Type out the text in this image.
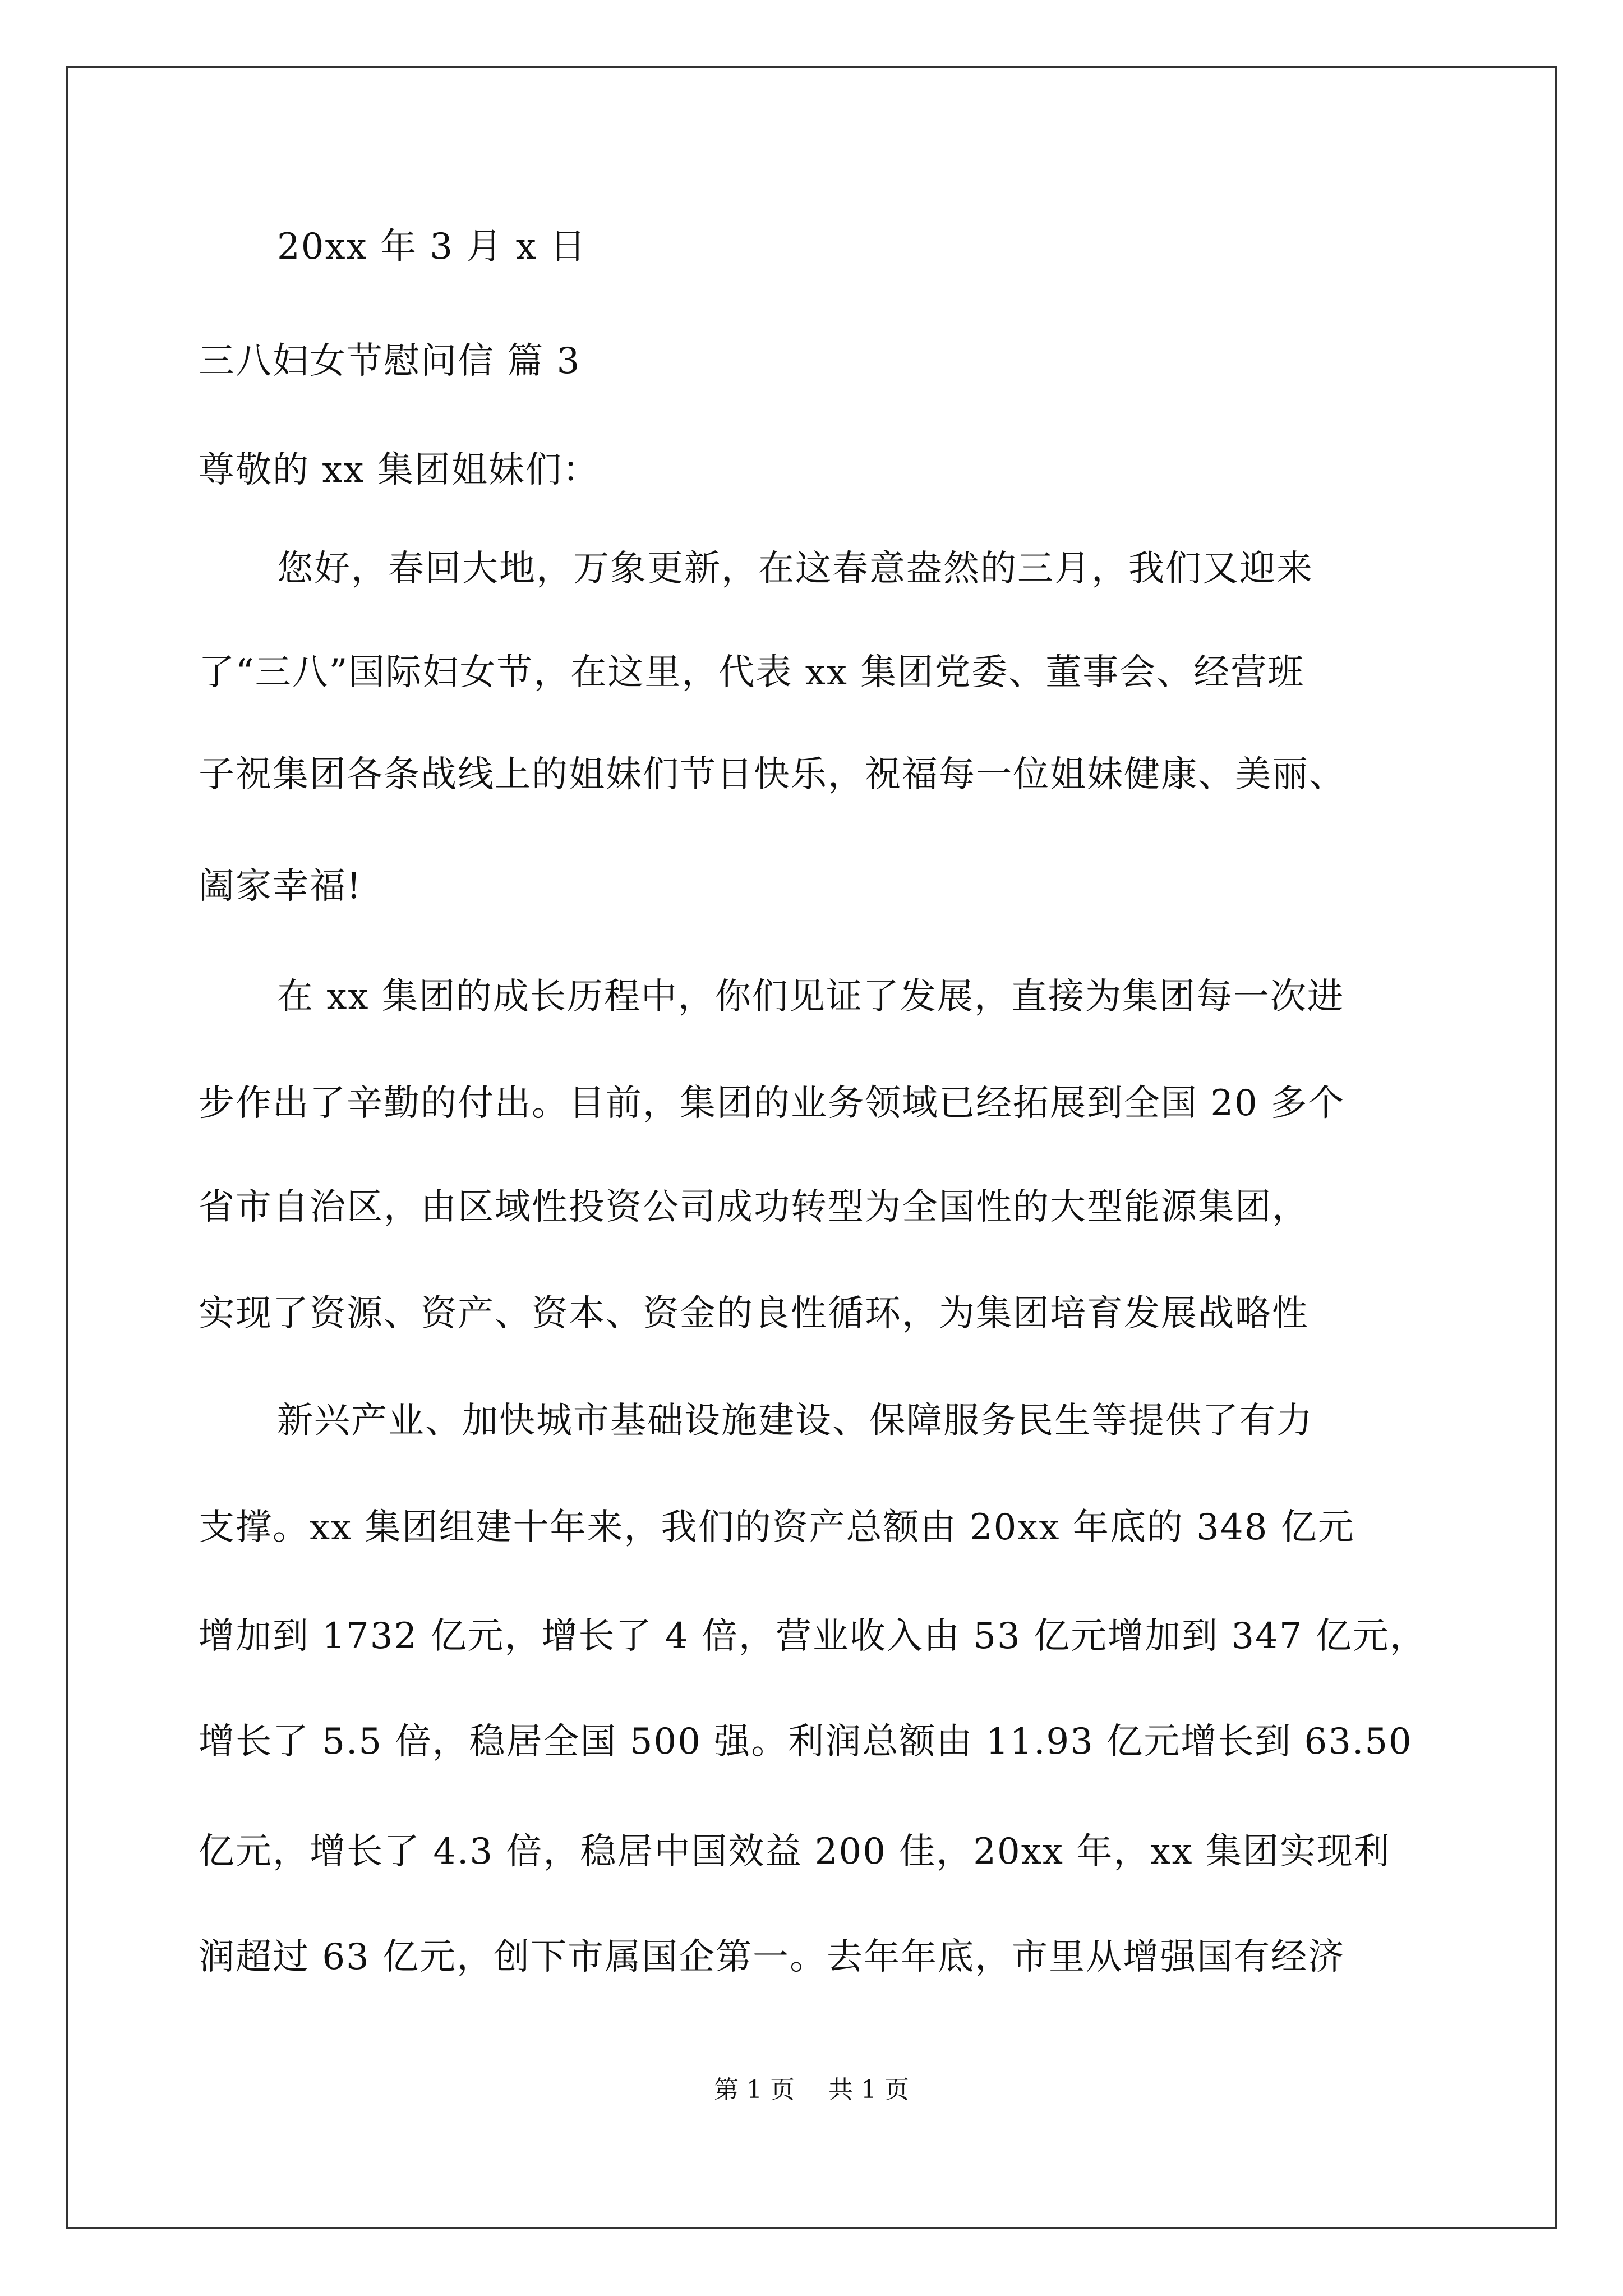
20xx 年 3 月 x 日
三八妇女节慰问信 篇 3
尊敬的 xx 集团姐妹们：
您好，春回大地，万象更新，在这春意盎然的三月，我们又迎来
了“三八”国际妇女节，在这里，代表 xx 集团党委、董事会、经营班
子祝集团各条战线上的姐妹们节日快乐，祝福每一位姐妹健康、美丽、
阖家幸福!
在 xx 集团的成长历程中，你们见证了发展，直接为集团每一次进
步作出了辛勤的付出。目前，集团的业务领域已经拓展到全国 20 多个
省市自治区，由区域性投资公司成功转型为全国性的大型能源集团，
实现了资源、资产、资本、资金的良性循环，为集团培育发展战略性
新兴产业、加快城市基础设施建设、保障服务民生等提供了有力
支撑。xx 集团组建十年来，我们的资产总额由 20xx 年底的 348 亿元
增加到 1732 亿元，增长了 4 倍，营业收入由 53 亿元增加到 347 亿元，
增长了 5.5 倍，稳居全国 500 强。利润总额由 11.93 亿元增长到 63.50
亿元，增长了 4.3 倍，稳居中国效益 200 佳，20xx 年，xx 集团实现利
润超过 63 亿元，创下市属国企第一。去年年底，市里从增强国有经济
第 1 页 共 1 页
